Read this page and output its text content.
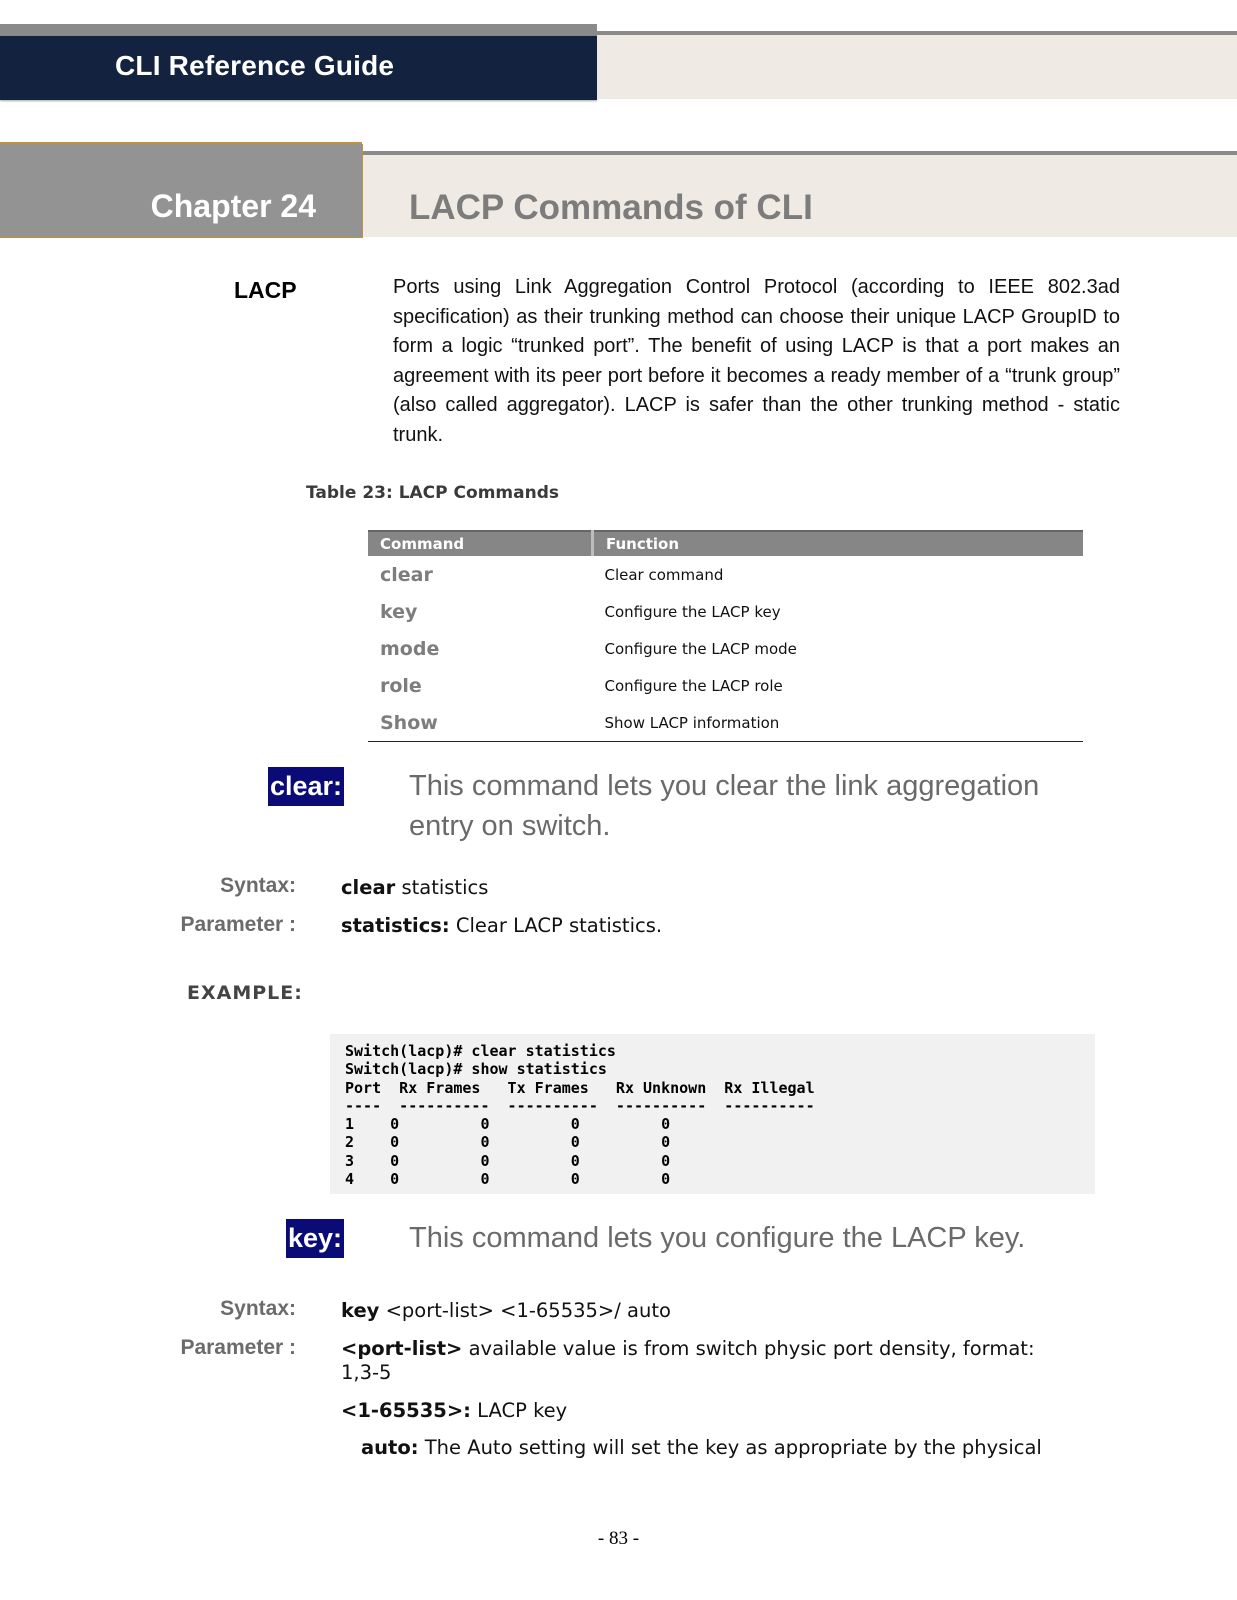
CLI Reference Guide
Chapter 24	LACP Commands of CLI
LACP	Ports using Link Aggregation Control Protocol (according to IEEE 802.3ad specification) as their trunking method can choose their unique LACP GroupID to form a logic “trunked port”. The benefit of using LACP is that a port makes an agreement with its peer port before it becomes a ready member of a “trunk group” (also called aggregator). LACP is safer than the other trunking method - static trunk.

Table 23: LACP Commands
Command	Function
clear	Clear command
key	Configure the LACP key
mode	Configure the LACP mode
role	Configure the LACP role
Show	Show LACP information
clear: This command lets you clear the link aggregation
entry on switch.
Syntax: clear statistics
Parameter : statistics: Clear LACP statistics.
EXAMPLE:
Switch(lacp)# clear statistics
Switch(lacp)# show statistics
Port  Rx Frames   Tx Frames   Rx Unknown  Rx Illegal
----  ----------  ----------  ----------  ----------
1    0         0         0         0
2    0         0         0         0
3    0         0         0         0
4    0         0         0         0
key: This command lets you configure the LACP key.
Syntax: key <port-list> <1-65535>/ auto
Parameter : <port-list> available value is from switch physic port density, format:
1,3-5
<1-65535>: LACP key
auto: The Auto setting will set the key as appropriate by the physical
- 83 -
